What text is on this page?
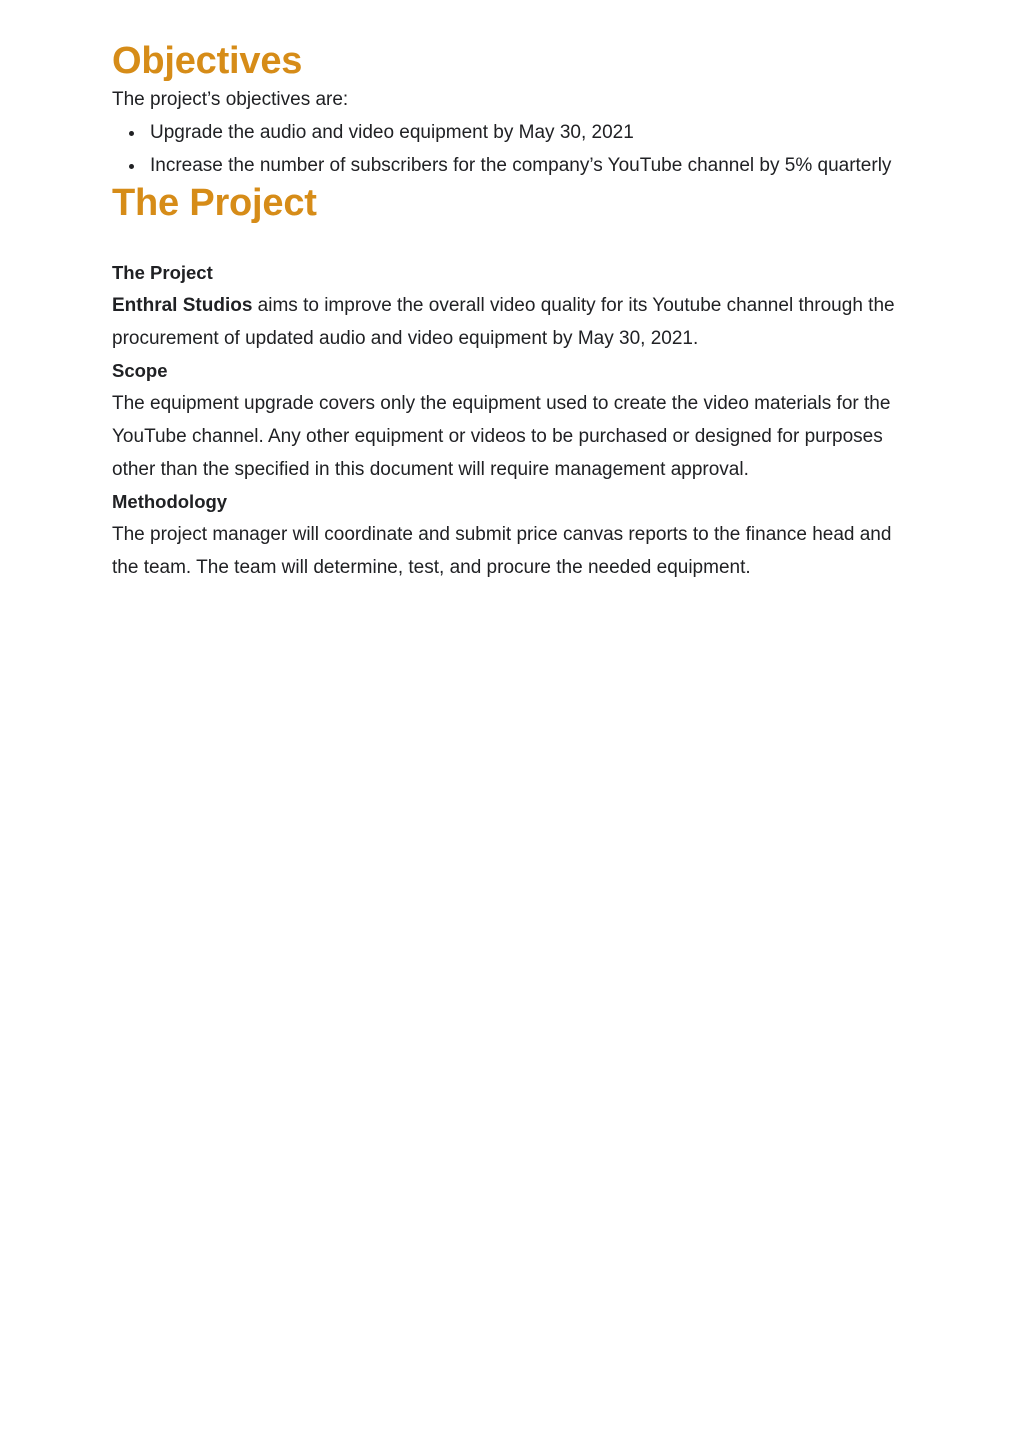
Objectives

The project’s objectives are:

• Upgrade the audio and video equipment by May 30, 2021
• Increase the number of subscribers for the company’s YouTube channel by 5% quarterly
The Project
The Project

Enthral Studios aims to improve the overall video quality for its Youtube channel through the procurement of updated audio and video equipment by May 30, 2021.

Scope

The equipment upgrade covers only the equipment used to create the video materials for the YouTube channel. Any other equipment or videos to be purchased or designed for purposes other than the specified in this document will require management approval.

Methodology

The project manager will coordinate and submit price canvas reports to the finance head and the team. The team will determine, test, and procure the needed equipment.
